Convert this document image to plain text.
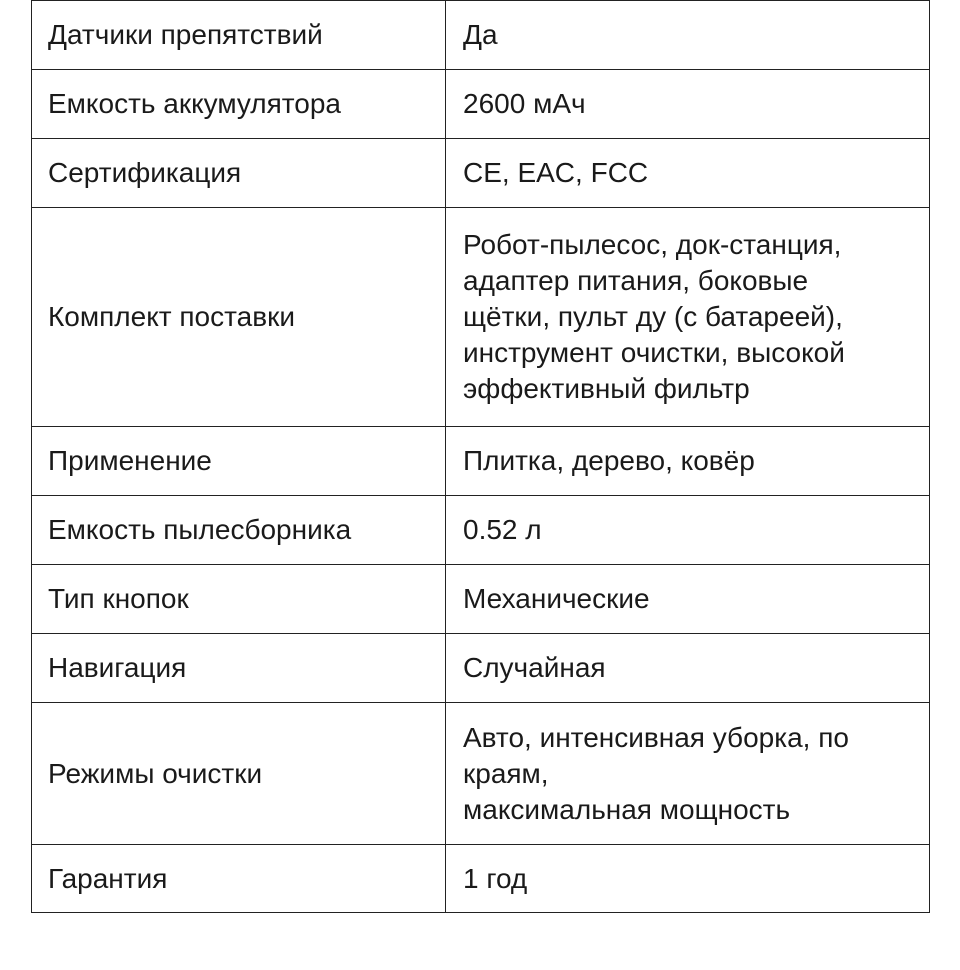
Датчики препятствий	Да

Емкость аккумулятора	2600 мАч

Сертификация	CE, EAC, FCC

Комплект поставки	Робот-пылесос, док-станция,
адаптер питания, боковые
щётки, пульт ду (с батареей),
инструмент очистки, высокой
эффективный фильтр

Применение	Плитка, дерево, ковёр

Емкость пылесборника	0.52 л

Тип кнопок	Механические

Навигация	Случайная

Режимы очистки	Авто, интенсивная уборка, по
краям,
максимальная мощность

Гарантия	1 год
